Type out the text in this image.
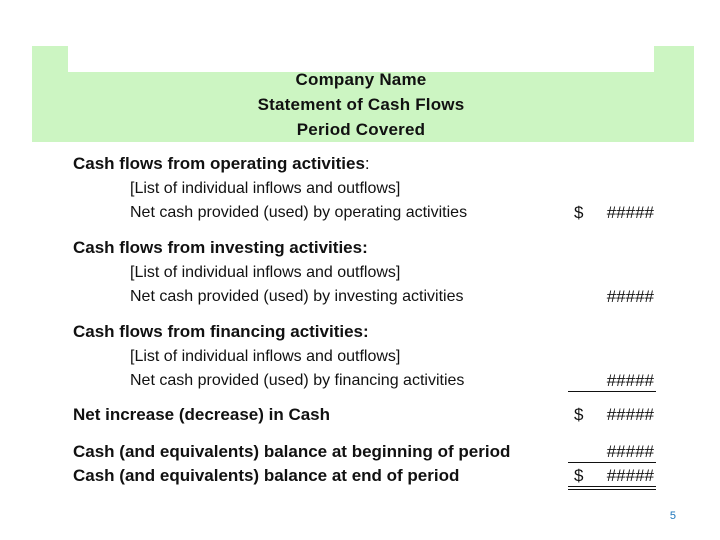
Company Name
Statement of Cash Flows
Period Covered
Cash flows from operating activities:
[List of individual inflows and outflows]
Net cash provided (used) by operating activities	$ #####
Cash flows from investing activities:
[List of individual inflows and outflows]
Net cash provided (used) by investing activities	#####
Cash flows from financing activities:
[List of individual inflows and outflows]
Net cash provided (used) by financing activities	#####
Net increase (decrease) in Cash	$ #####
Cash (and equivalents) balance at beginning of period	#####
Cash (and equivalents) balance at end of period	$ #####
5
